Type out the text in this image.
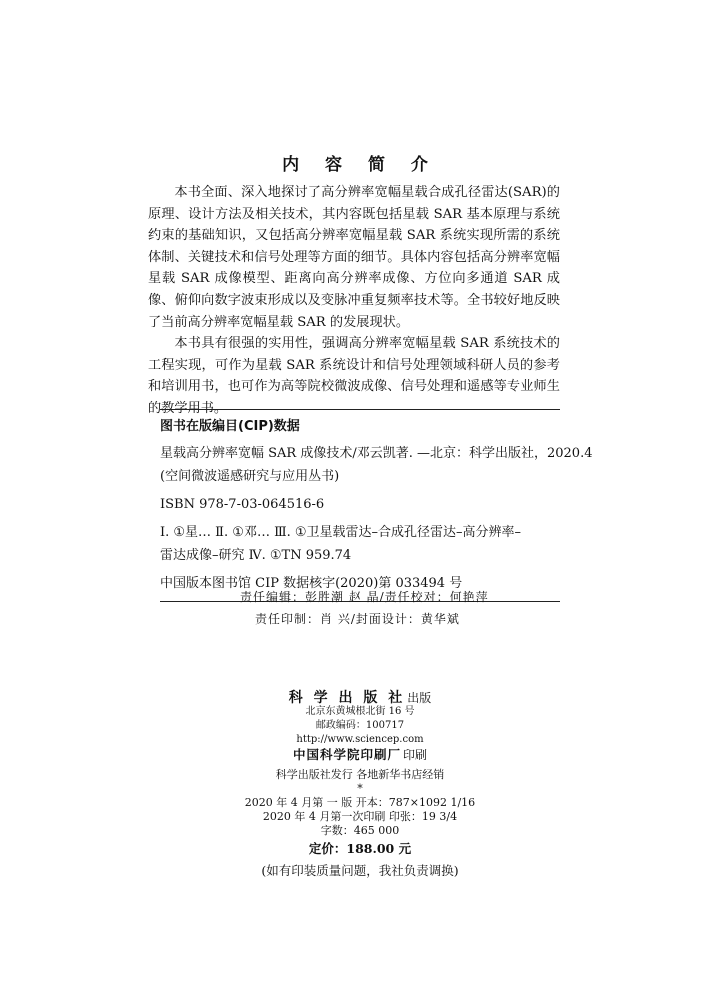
内 容 简 介

本书全面、深入地探讨了高分辨率宽幅星载合成孔径雷达(SAR)的原理、设计方法及相关技术，其内容既包括星载 SAR 基本原理与系统约束的基础知识，又包括高分辨率宽幅星载 SAR 系统实现所需的系统体制、关键技术和信号处理等方面的细节。具体内容包括高分辨率宽幅星载 SAR 成像模型、距离向高分辨率成像、方位向多通道 SAR 成像、俯仰向数字波束形成以及变脉冲重复频率技术等。全书较好地反映了当前高分辨率宽幅星载 SAR 的发展现状。

本书具有很强的实用性，强调高分辨率宽幅星载 SAR 系统技术的工程实现，可作为星载 SAR 系统设计和信号处理领域科研人员的参考和培训用书，也可作为高等院校微波成像、信号处理和遥感等专业师生的教学用书。

图书在版编目(CIP)数据
星载高分辨率宽幅 SAR 成像技术/邓云凯著. —北京：科学出版社，2020.4
(空间微波遥感研究与应用丛书)
ISBN 978-7-03-064516-6
Ⅰ. ①星… Ⅱ. ①邓… Ⅲ. ①卫星载雷达–合成孔径雷达–高分辨率–
雷达成像–研究 Ⅳ. ①TN 959.74
中国版本图书馆 CIP 数据核字(2020)第 033494 号
责任编辑：彭胜潮 赵 晶/责任校对：何艳萍
责任印制：肖 兴/封面设计：黄华斌
科 学 出 版 社 出版
北京东黄城根北街 16 号
邮政编码：100717
http://www.sciencep.com
中国科学院印刷厂 印刷
科学出版社发行 各地新华书店经销
*
2020 年 4 月第 一 版 开本：787×1092 1/16
2020 年 4 月第一次印刷 印张：19 3/4
字数：465 000
定价：188.00 元
(如有印装质量问题，我社负责调换)
